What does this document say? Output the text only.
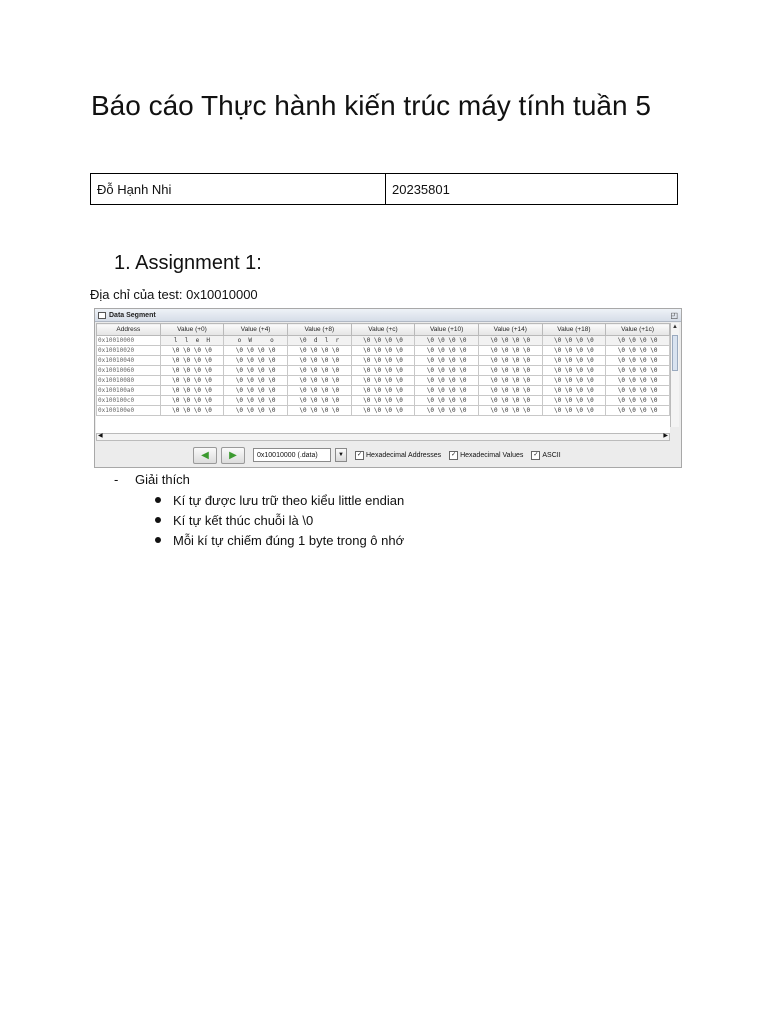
Báo cáo Thực hành kiến trúc máy tính tuần 5
Đỗ Hạnh Nhi	20235801
1. Assignment 1:
Địa chỉ của test: 0x10010000
Data Segment	◰
Address	Value (+0)	Value (+4)	Value (+8)	Value (+c)	Value (+10)	Value (+14)	Value (+18)	Value (+1c)
0x10010000	l  l  e  H	o  W     o	\0  d  l  r	\0 \0 \0 \0	\0 \0 \0 \0	\0 \0 \0 \0	\0 \0 \0 \0	\0 \0 \0 \0
0x10010020	\0 \0 \0 \0	\0 \0 \0 \0	\0 \0 \0 \0	\0 \0 \0 \0	\0 \0 \0 \0	\0 \0 \0 \0	\0 \0 \0 \0	\0 \0 \0 \0
0x10010040	\0 \0 \0 \0	\0 \0 \0 \0	\0 \0 \0 \0	\0 \0 \0 \0	\0 \0 \0 \0	\0 \0 \0 \0	\0 \0 \0 \0	\0 \0 \0 \0
0x10010060	\0 \0 \0 \0	\0 \0 \0 \0	\0 \0 \0 \0	\0 \0 \0 \0	\0 \0 \0 \0	\0 \0 \0 \0	\0 \0 \0 \0	\0 \0 \0 \0
0x10010080	\0 \0 \0 \0	\0 \0 \0 \0	\0 \0 \0 \0	\0 \0 \0 \0	\0 \0 \0 \0	\0 \0 \0 \0	\0 \0 \0 \0	\0 \0 \0 \0
0x100100a0	\0 \0 \0 \0	\0 \0 \0 \0	\0 \0 \0 \0	\0 \0 \0 \0	\0 \0 \0 \0	\0 \0 \0 \0	\0 \0 \0 \0	\0 \0 \0 \0
0x100100c0	\0 \0 \0 \0	\0 \0 \0 \0	\0 \0 \0 \0	\0 \0 \0 \0	\0 \0 \0 \0	\0 \0 \0 \0	\0 \0 \0 \0	\0 \0 \0 \0
0x100100e0	\0 \0 \0 \0	\0 \0 \0 \0	\0 \0 \0 \0	\0 \0 \0 \0	\0 \0 \0 \0	\0 \0 \0 \0	\0 \0 \0 \0	\0 \0 \0 \0
▲
◀	▶
◀ ▶	0x10010000 (.data)	▼	✓ Hexadecimal Addresses	✓ Hexadecimal Values	✓ ASCII
- Giải thích
Kí tự được lưu trữ theo kiểu little endian
Kí tự kết thúc chuỗi là \0
Mỗi kí tự chiếm đúng 1 byte trong ô nhớ
